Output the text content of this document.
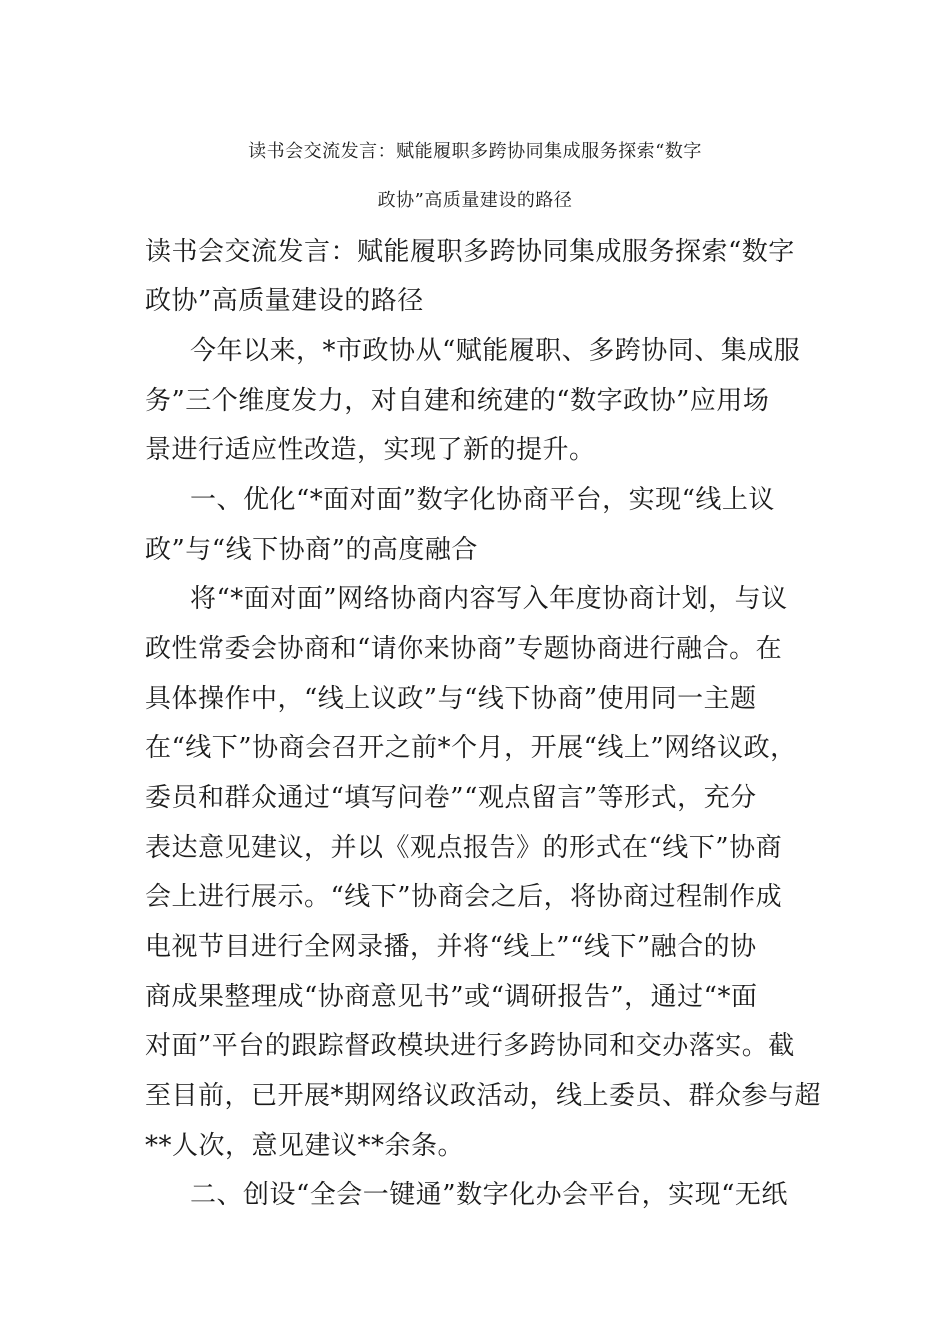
读书会交流发言：赋能履职多跨协同集成服务探索“数字
政协”高质量建设的路径
读书会交流发言：赋能履职多跨协同集成服务探索“数字
政协”高质量建设的路径
今年以来，*市政协从“赋能履职、多跨协同、集成服
务”三个维度发力，对自建和统建的“数字政协”应用场
景进行适应性改造，实现了新的提升。
一、优化“*面对面”数字化协商平台，实现“线上议
政”与“线下协商”的高度融合
将“*面对面”网络协商内容写入年度协商计划，与议
政性常委会协商和“请你来协商”专题协商进行融合。在
具体操作中，“线上议政”与“线下协商”使用同一主题
在“线下”协商会召开之前*个月，开展“线上”网络议政，
委员和群众通过“填写问卷”“观点留言”等形式，充分
表达意见建议，并以《观点报告》的形式在“线下”协商
会上进行展示。“线下”协商会之后，将协商过程制作成
电视节目进行全网录播，并将“线上”“线下”融合的协
商成果整理成“协商意见书”或“调研报告”，通过“*面
对面”平台的跟踪督政模块进行多跨协同和交办落实。截
至目前，已开展*期网络议政活动，线上委员、群众参与超
**人次，意见建议**余条。
二、创设“全会一键通”数字化办会平台，实现“无纸
